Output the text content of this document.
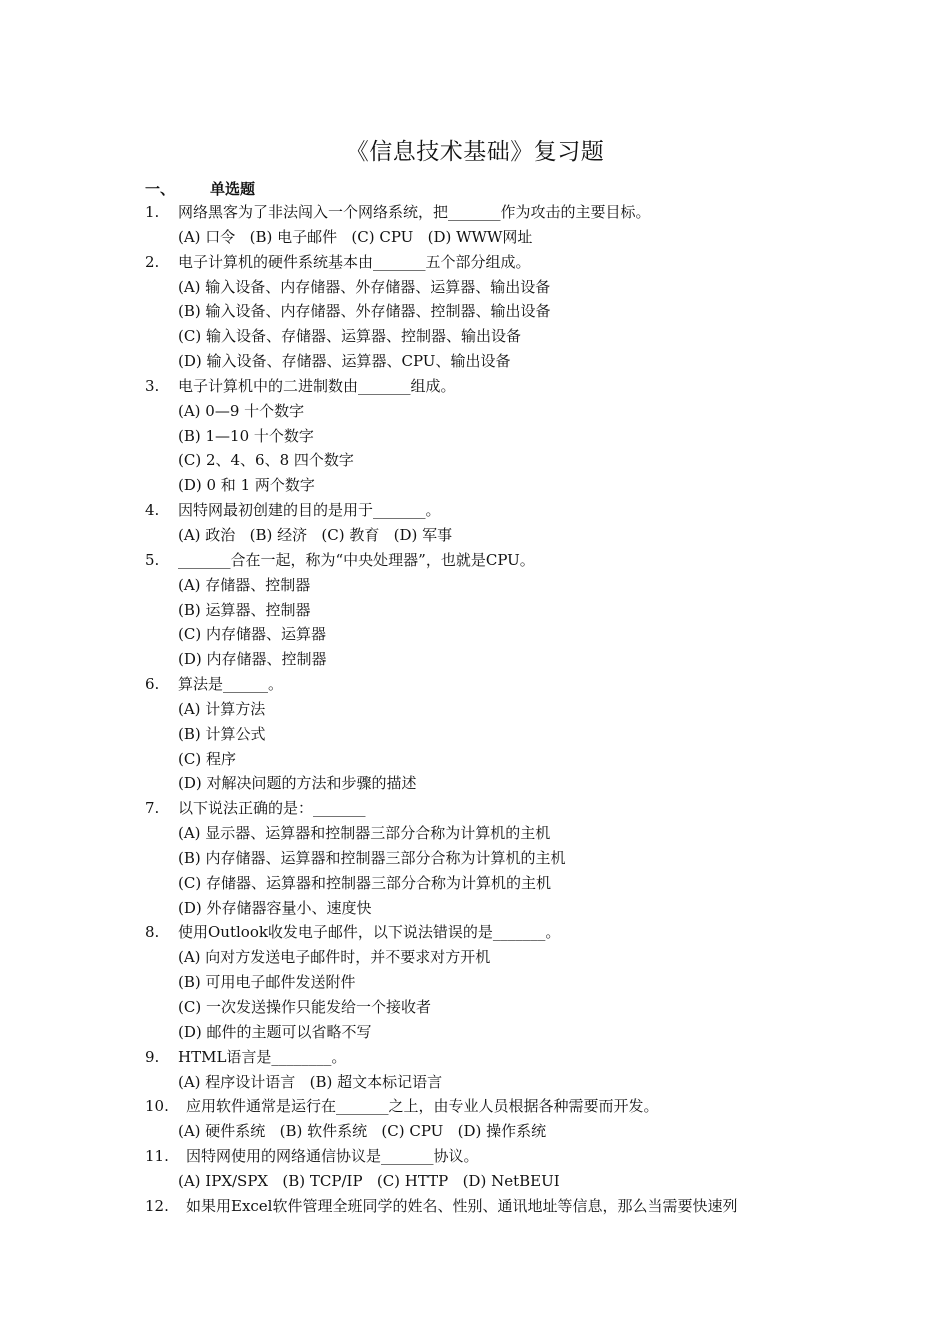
《信息技术基础》复习题
一、 单选题
1. 网络黑客为了非法闯入一个网络系统，把_______作为攻击的主要目标。
(A) 口令   (B) 电子邮件   (C) CPU   (D) WWW网址
2. 电子计算机的硬件系统基本由_______五个部分组成。
(A) 输入设备、内存储器、外存储器、运算器、输出设备
(B) 输入设备、内存储器、外存储器、控制器、输出设备
(C) 输入设备、存储器、运算器、控制器、输出设备
(D) 输入设备、存储器、运算器、CPU、输出设备
3. 电子计算机中的二进制数由_______组成。
(A) 0—9 十个数字
(B) 1—10 十个数字
(C) 2、4、6、8 四个数字
(D) 0 和 1 两个数字
4. 因特网最初创建的目的是用于_______。
(A) 政治   (B) 经济   (C) 教育   (D) 军事
5. _______合在一起，称为“中央处理器”，也就是CPU。
(A) 存储器、控制器
(B) 运算器、控制器
(C) 内存储器、运算器
(D) 内存储器、控制器
6. 算法是______。
(A) 计算方法
(B) 计算公式
(C) 程序
(D) 对解决问题的方法和步骤的描述
7. 以下说法正确的是：_______
(A) 显示器、运算器和控制器三部分合称为计算机的主机
(B) 内存储器、运算器和控制器三部分合称为计算机的主机
(C) 存储器、运算器和控制器三部分合称为计算机的主机
(D) 外存储器容量小、速度快
8. 使用Outlook收发电子邮件，以下说法错误的是_______。
(A) 向对方发送电子邮件时，并不要求对方开机
(B) 可用电子邮件发送附件
(C) 一次发送操作只能发给一个接收者
(D) 邮件的主题可以省略不写
9. HTML语言是________。
(A) 程序设计语言   (B) 超文本标记语言
10. 应用软件通常是运行在_______之上，由专业人员根据各种需要而开发。
(A) 硬件系统   (B) 软件系统   (C) CPU   (D) 操作系统
11. 因特网使用的网络通信协议是_______协议。
(A) IPX/SPX   (B) TCP/IP   (C) HTTP   (D) NetBEUI
12. 如果用Excel软件管理全班同学的姓名、性别、通讯地址等信息，那么当需要快速列
